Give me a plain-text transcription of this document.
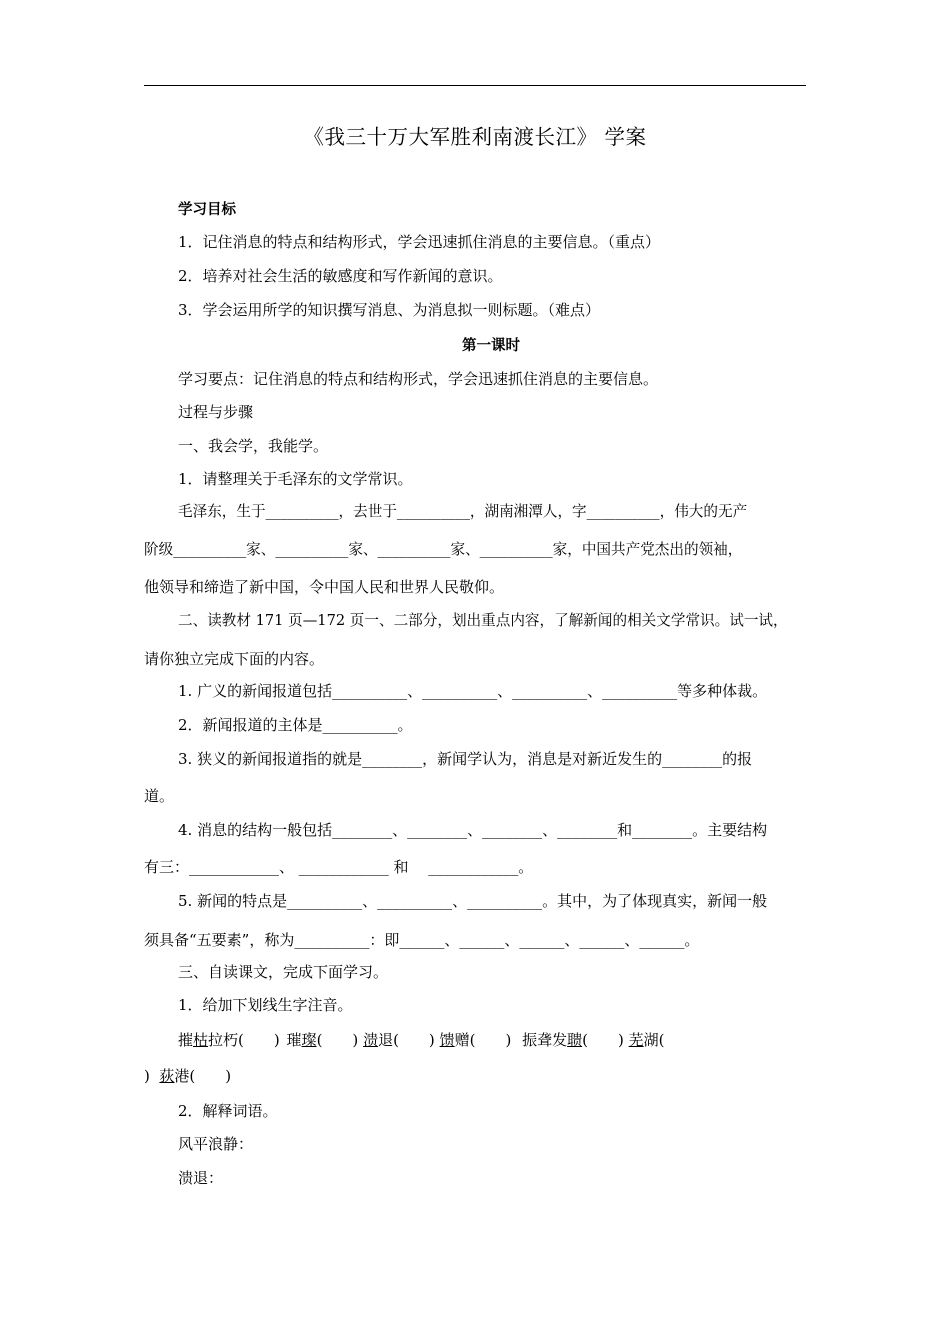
《我三十万大军胜利南渡长江》 学案
学习目标
1．记住消息的特点和结构形式，学会迅速抓住消息的主要信息。（重点）
2．培养对社会生活的敏感度和写作新闻的意识。
3．学会运用所学的知识撰写消息、为消息拟一则标题。（难点）
第一课时
学习要点：记住消息的特点和结构形式，学会迅速抓住消息的主要信息。
过程与步骤
一、我会学，我能学。
1．请整理关于毛泽东的文学常识。
毛泽东，生于__________，去世于__________，湖南湘潭人，字__________，伟大的无产
阶级__________家、__________家、__________家、__________家，中国共产党杰出的领袖，
他领导和缔造了新中国，令中国人民和世界人民敬仰。
二、读教材 171 页—172 页一、二部分，划出重点内容，了解新闻的相关文学常识。试一试，
请你独立完成下面的内容。
1. 广义的新闻报道包括__________、__________、__________、__________等多种体裁。
2．新闻报道的主体是__________。
3. 狭义的新闻报道指的就是________，新闻学认为，消息是对新近发生的________的报
道。
4. 消息的结构一般包括________、________、________、________和________。主要结构
有三：____________、 ____________ 和　 ____________。
5. 新闻的特点是__________、__________、__________。其中，为了体现真实，新闻一般
须具备“五要素”，称为__________：即______、______、______、______、______。
三、自读课文，完成下面学习。
1．给加下划线生字注音。
摧枯拉朽(　　) 璀璨(　　) 溃退(　　) 馈赠(　　) 振聋发聩(　　) 芜湖(
) 荻港(　　)
2．解释词语。
风平浪静：
溃退：
